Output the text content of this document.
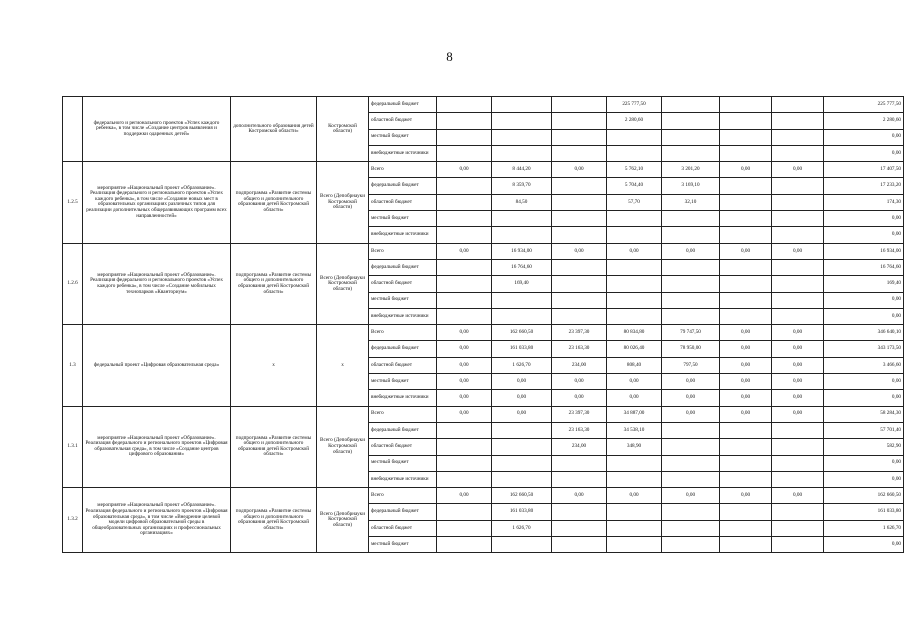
8
	федерального и регионального проектов «Успех каждого ребенка», в том числе «Создание центров выявления и поддержки одаренных детей»	дополнительного образования детей Костромской области»	Костромской области)	федеральный бюджет				225 777,50				225 777,50
				областной бюджет				2 280,60				2 280,60
				местный бюджет								0,00
				внебюджетные источники								0,00
1.2.5	мероприятие «Национальный проект «Образование». Реализация федерального и регионального проектов «Успех каждого ребенка», в том числе «Создание новых мест в образовательных организациях различных типов для реализации дополнительных общеразвивающих программ всех направленностей»	подпрограмма «Развитие системы общего и дополнительного образования детей Костромской области»	Всего (Депобрнауки Костромской области)	Всего	0,00	8 444,20	0,00	5 762,10	3 201,20	0,00	0,00	17 407,50
				федеральный бюджет		8 359,70		5 704,40	3 169,10			17 233,20
				областной бюджет		84,50		57,70	32,10			174,30
				местный бюджет								0,00
				внебюджетные источники								0,00
1.2.6	мероприятие «Национальный проект «Образование». Реализация федерального и регионального проектов «Успех каждого ребенка», в том числе «Создание мобильных технопарков «Кванториум»	подпрограмма «Развитие системы общего и дополнительного образования детей Костромской области»	Всего (Депобрнауки Костромской области)	Всего	0,00	16 934,00	0,00	0,00	0,00	0,00	0,00	16 934,00
				федеральный бюджет		16 764,60						16 764,60
				областной бюджет		169,40						169,40
				местный бюджет								0,00
				внебюджетные источники								0,00
1.3	федеральный проект «Цифровая образовательная среда»	х	х	Всего	0,00	162 660,50	23 397,30	80 834,80	79 747,50	0,00	0,00	346 640,10
				федеральный бюджет	0,00	161 033,80	23 163,30	80 026,40	78 950,00	0,00	0,00	343 173,50
				областной бюджет	0,00	1 626,70	234,00	808,40	797,50	0,00	0,00	3 466,60
				местный бюджет	0,00	0,00	0,00	0,00	0,00	0,00	0,00	0,00
				внебюджетные источники	0,00	0,00	0,00	0,00	0,00	0,00	0,00	0,00
1.3.1	мероприятие «Национальный проект «Образование». Реализация федерального и регионального проектов «Цифровая образовательная среда», в том числе «Создание центров цифрового образования»	подпрограмма «Развитие системы общего и дополнительного образования детей Костромской области»	Всего (Депобрнауки Костромской области)	Всего	0,00	0,00	23 397,30	34 887,00	0,00	0,00	0,00	58 284,30
				федеральный бюджет			23 163,30	34 538,10				57 701,40
				областной бюджет			234,00	348,90				582,90
				местный бюджет								0,00
				внебюджетные источники								0,00
1.3.2	мероприятие «Национальный проект «Образование». Реализация федерального и регионального проектов «Цифровая образовательная среда», в том числе «Внедрение целевой модели цифровой образовательной среды в общеобразовательных организациях и профессиональных организациях»	подпрограмма «Развитие системы общего и дополнительного образования детей Костромской области»	Всего (Депобрнауки Костромской области)	Всего	0,00	162 660,50	0,00	0,00	0,00	0,00	0,00	162 660,50
				федеральный бюджет		161 033,80						161 033,80
				областной бюджет		1 626,70						1 626,70
				местный бюджет								0,00
